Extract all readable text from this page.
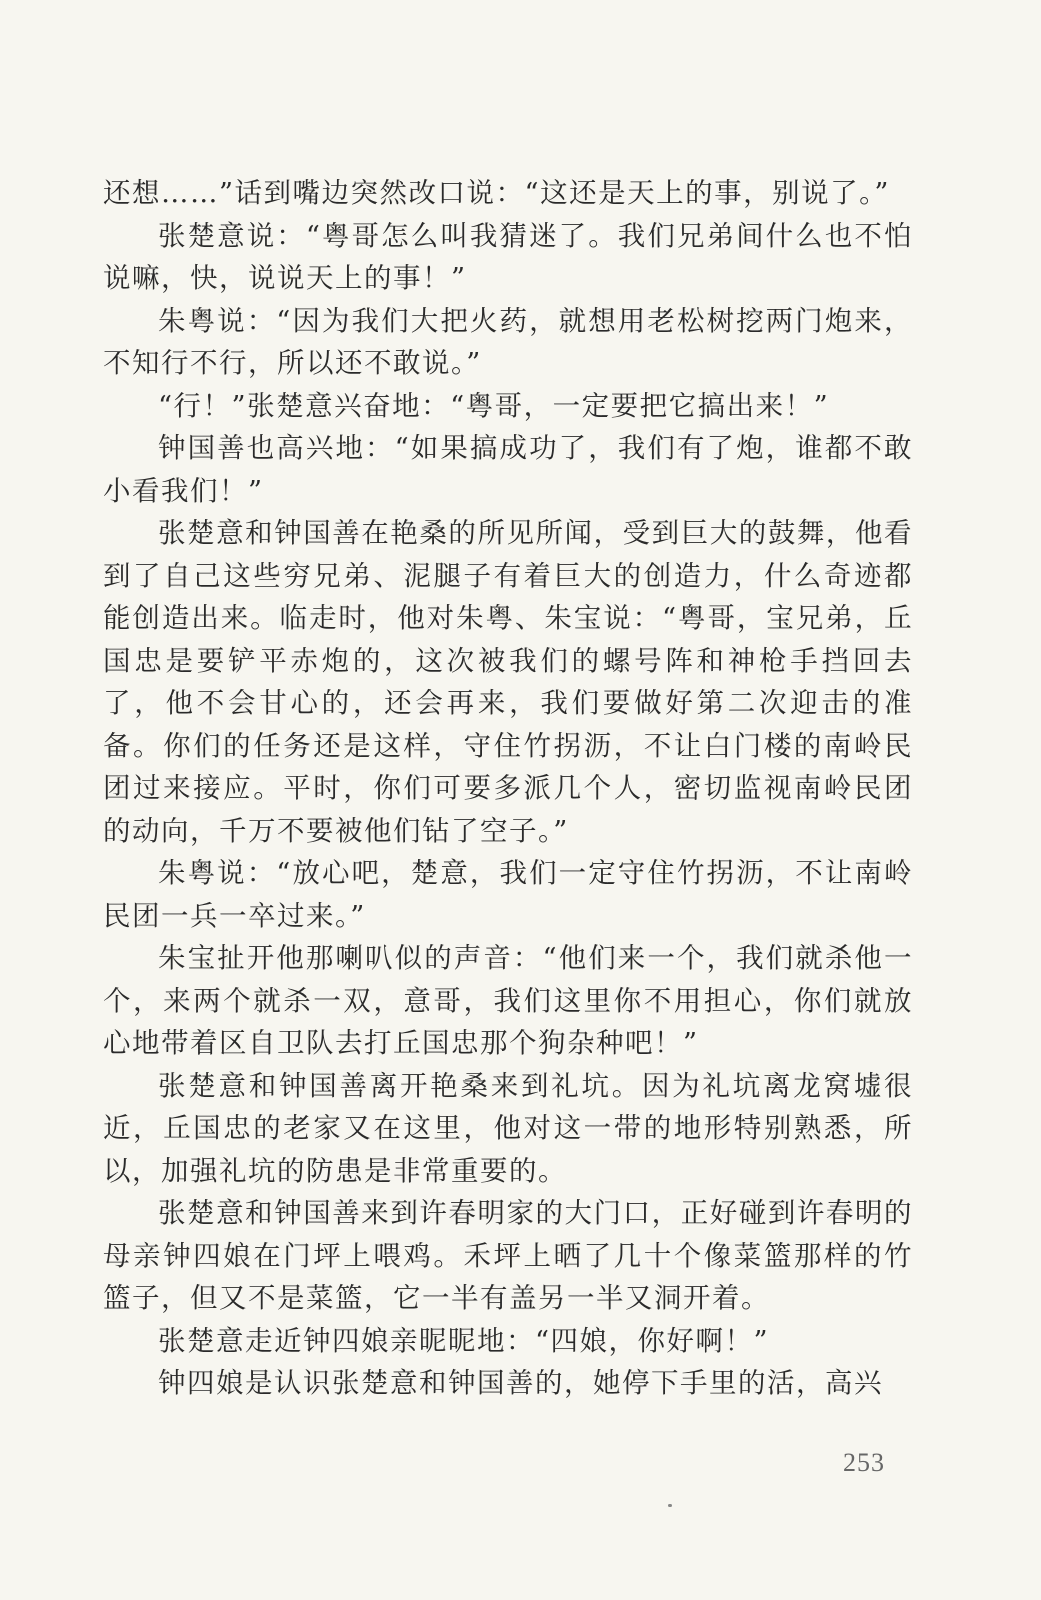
还想……”话到嘴边突然改口说：“这还是天上的事，别说了。”

张楚意说：“粤哥怎么叫我猜迷了。我们兄弟间什么也不怕说嘛，快，说说天上的事！”

朱粤说：“因为我们大把火药，就想用老松树挖两门炮来，不知行不行，所以还不敢说。”

“行！”张楚意兴奋地：“粤哥，一定要把它搞出来！”

钟国善也高兴地：“如果搞成功了，我们有了炮，谁都不敢小看我们！”

张楚意和钟国善在艳桑的所见所闻，受到巨大的鼓舞，他看到了自己这些穷兄弟、泥腿子有着巨大的创造力，什么奇迹都能创造出来。临走时，他对朱粤、朱宝说：“粤哥，宝兄弟，丘国忠是要铲平赤炮的，这次被我们的螺号阵和神枪手挡回去了，他不会甘心的，还会再来，我们要做好第二次迎击的准备。你们的任务还是这样，守住竹拐沥，不让白门楼的南岭民团过来接应。平时，你们可要多派几个人，密切监视南岭民团的动向，千万不要被他们钻了空子。”

朱粤说：“放心吧，楚意，我们一定守住竹拐沥，不让南岭民团一兵一卒过来。”

朱宝扯开他那喇叭似的声音：“他们来一个，我们就杀他一个，来两个就杀一双，意哥，我们这里你不用担心，你们就放心地带着区自卫队去打丘国忠那个狗杂种吧！”

张楚意和钟国善离开艳桑来到礼坑。因为礼坑离龙窝墟很近，丘国忠的老家又在这里，他对这一带的地形特别熟悉，所以，加强礼坑的防患是非常重要的。

张楚意和钟国善来到许春明家的大门口，正好碰到许春明的母亲钟四娘在门坪上喂鸡。禾坪上晒了几十个像菜篮那样的竹篮子，但又不是菜篮，它一半有盖另一半又洞开着。

张楚意走近钟四娘亲昵昵地：“四娘，你好啊！”

钟四娘是认识张楚意和钟国善的，她停下手里的活，高兴

253
